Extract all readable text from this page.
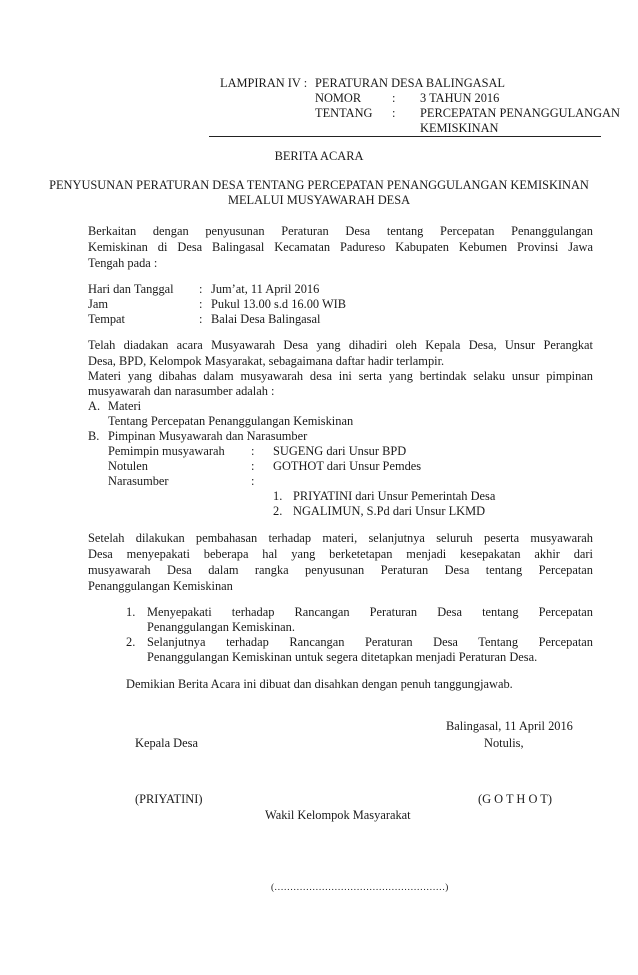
LAMPIRAN IV : PERATURAN DESA BALINGASAL
NOMOR : 3 TAHUN 2016
TENTANG : PERCEPATAN PENANGGULANGAN
KEMISKINAN
BERITA ACARA
PENYUSUNAN PERATURAN DESA TENTANG PERCEPATAN PENANGGULANGAN KEMISKINAN
MELALUI MUSYAWARAH DESA
Berkaitan dengan penyusunan Peraturan Desa tentang Percepatan Penanggulangan
Kemiskinan di Desa Balingasal Kecamatan Padureso Kabupaten Kebumen Provinsi Jawa
Tengah pada :
Hari dan Tanggal : Jum’at, 11 April 2016
Jam	: Pukul 13.00 s.d 16.00 WIB
Tempat	: Balai Desa Balingasal
Telah diadakan acara Musyawarah Desa yang dihadiri oleh Kepala Desa, Unsur Perangkat
Desa, BPD, Kelompok Masyarakat, sebagaimana daftar hadir terlampir.
Materi yang dibahas dalam musyawarah desa ini serta yang bertindak selaku unsur pimpinan
musyawarah dan narasumber adalah :
A. Materi
Tentang Percepatan Penanggulangan Kemiskinan
B. Pimpinan Musyawarah dan Narasumber
Pemimpin musyawarah : SUGENG dari Unsur BPD
Notulen	: GOTHOT dari Unsur Pemdes
Narasumber	:
1. PRIYATINI dari Unsur Pemerintah Desa
2. NGALIMUN, S.Pd dari Unsur LKMD
Setelah dilakukan pembahasan terhadap materi, selanjutnya seluruh peserta musyawarah
Desa menyepakati beberapa hal yang berketetapan menjadi kesepakatan akhir dari
musyawarah Desa dalam rangka penyusunan Peraturan Desa tentang Percepatan
Penanggulangan Kemiskinan
1. Menyepakati terhadap Rancangan Peraturan Desa tentang Percepatan
Penanggulangan Kemiskinan.
2. Selanjutnya terhadap Rancangan Peraturan Desa Tentang Percepatan
Penanggulangan Kemiskinan untuk segera ditetapkan menjadi Peraturan Desa.
Demikian Berita Acara ini dibuat dan disahkan dengan penuh tanggungjawab.
Balingasal, 11 April 2016
Kepala Desa	Notulis,
(PRIYATINI)	(G O T H O T)
Wakil Kelompok Masyarakat
(………………………………………………)
